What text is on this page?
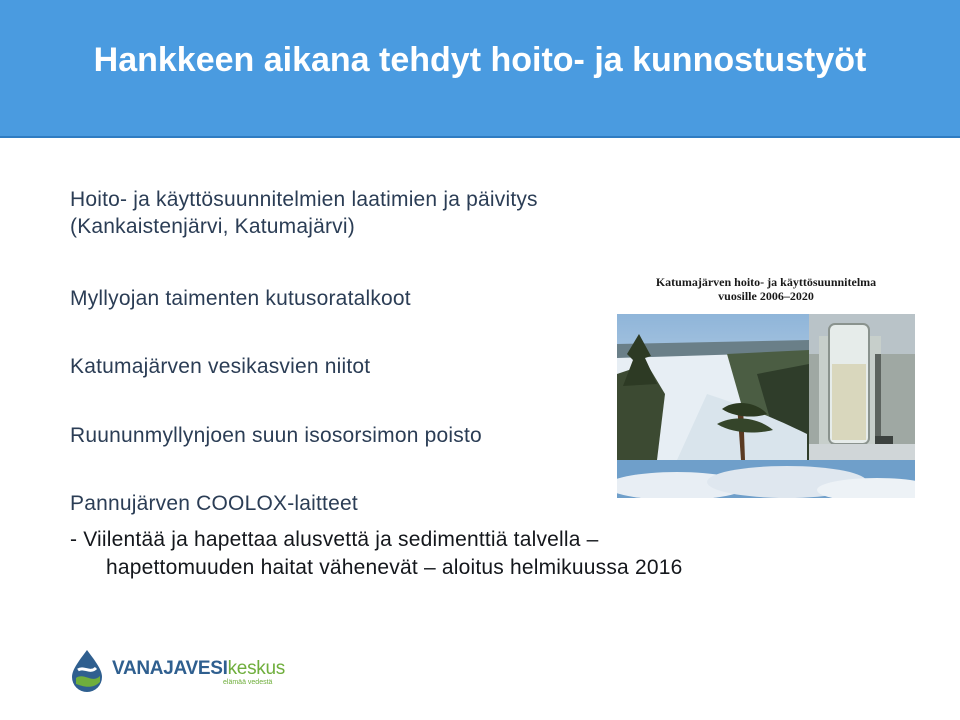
Hankkeen aikana tehdyt hoito- ja kunnostustyöt
Hoito- ja käyttösuunnitelmien laatimien ja päivitys (Kankaistenjärvi, Katumajärvi)
Myllyojan taimenten kutusoratalkoot
Katumajärven vesikasvien niitot
Ruununmyllynjoen suun isosorsimon poisto
Pannujärven COOLOX-laitteet
- Viilentää ja hapettaa alusvettä ja sedimenttiä talvella –
hapettomuuden haitat vähenevät – aloitus helmikuussa 2016
Katumajärven hoito- ja käyttösuunnitelma
vuosille 2006–2020
VANAJAVESIkeskus
elämää vedestä
